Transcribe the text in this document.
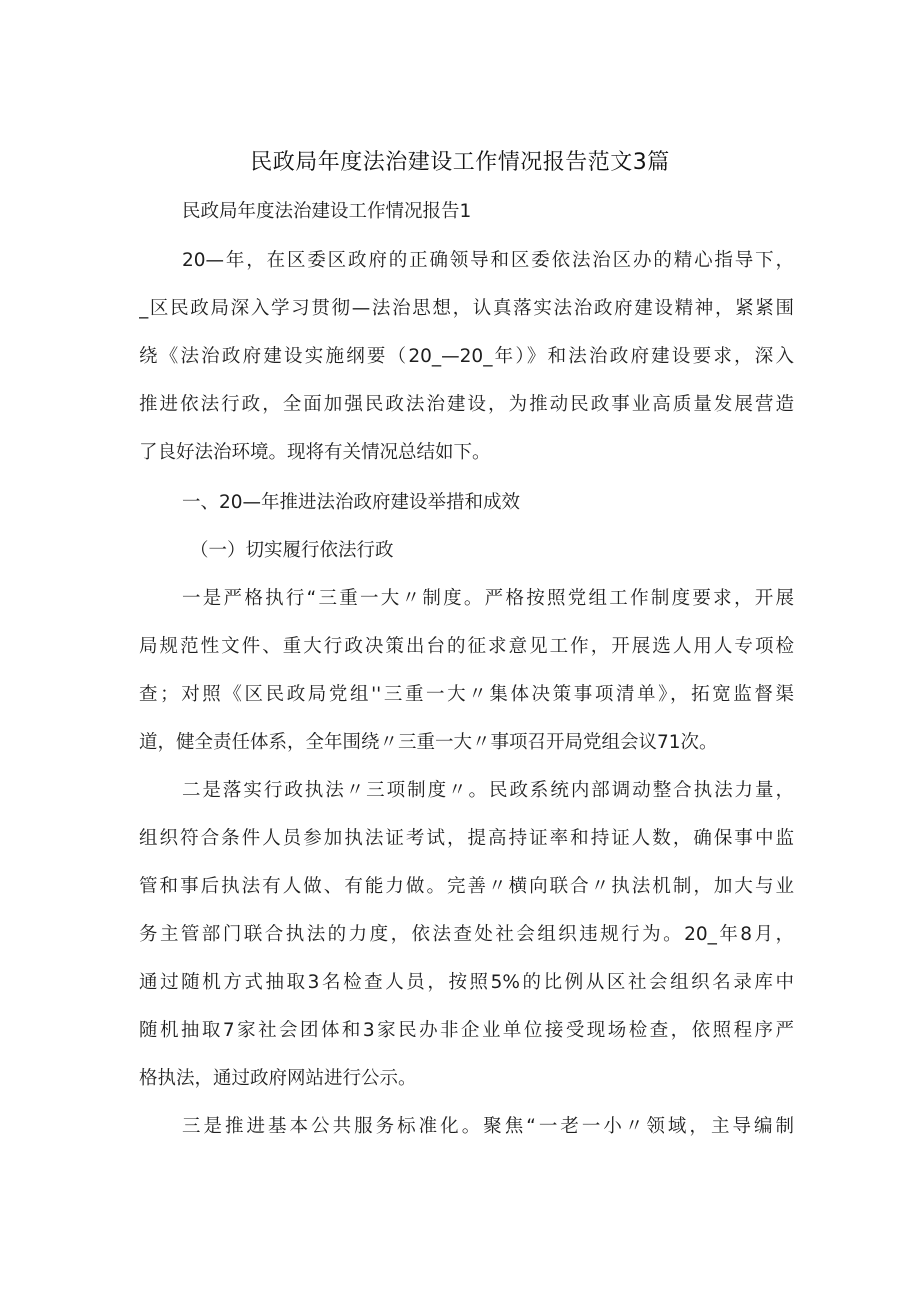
民政局年度法治建设工作情况报告范文3篇
民政局年度法治建设工作情况报告1
20—年，在区委区政府的正确领导和区委依法治区办的精心指导下，
_区民政局深入学习贯彻—法治思想，认真落实法治政府建设精神，紧紧围
绕《法治政府建设实施纲要（20_—20_年）》和法治政府建设要求，深入
推进依法行政，全面加强民政法治建设，为推动民政事业高质量发展营造
了良好法治环境。现将有关情况总结如下。
一、20—年推进法治政府建设举措和成效
（一）切实履行依法行政
一是严格执行“三重一大〃制度。严格按照党组工作制度要求，开展
局规范性文件、重大行政决策出台的征求意见工作，开展选人用人专项检
查；对照《区民政局党组''三重一大〃集体决策事项清单》，拓宽监督渠
道，健全责任体系，全年围绕〃三重一大〃事项召开局党组会议71次。
二是落实行政执法〃三项制度〃。民政系统内部调动整合执法力量，
组织符合条件人员参加执法证考试，提高持证率和持证人数，确保事中监
管和事后执法有人做、有能力做。完善〃横向联合〃执法机制，加大与业
务主管部门联合执法的力度，依法查处社会组织违规行为。20_年8月，
通过随机方式抽取3名检查人员，按照5%的比例从区社会组织名录库中
随机抽取7家社会团体和3家民办非企业单位接受现场检查，依照程序严
格执法，通过政府网站进行公示。
三是推进基本公共服务标准化。聚焦“一老一小〃领域，主导编制
